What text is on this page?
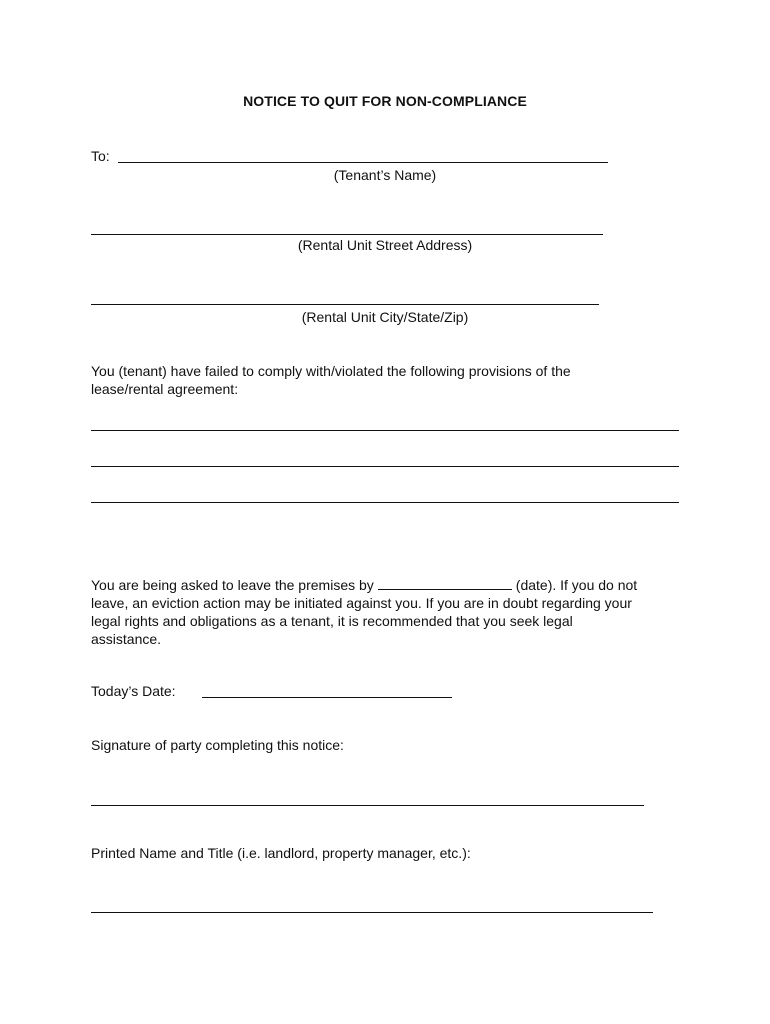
NOTICE TO QUIT FOR NON-COMPLIANCE
To:
(Tenant’s Name)
(Rental Unit Street Address)
(Rental Unit City/State/Zip)
You (tenant) have failed to comply with/violated the following provisions of the
lease/rental agreement:
You are being asked to leave the premises by	(date). If you do not
leave, an eviction action may be initiated against you. If you are in doubt regarding your
legal rights and obligations as a tenant, it is recommended that you seek legal
assistance.
Today’s Date:
Signature of party completing this notice:
Printed Name and Title (i.e. landlord, property manager, etc.):
